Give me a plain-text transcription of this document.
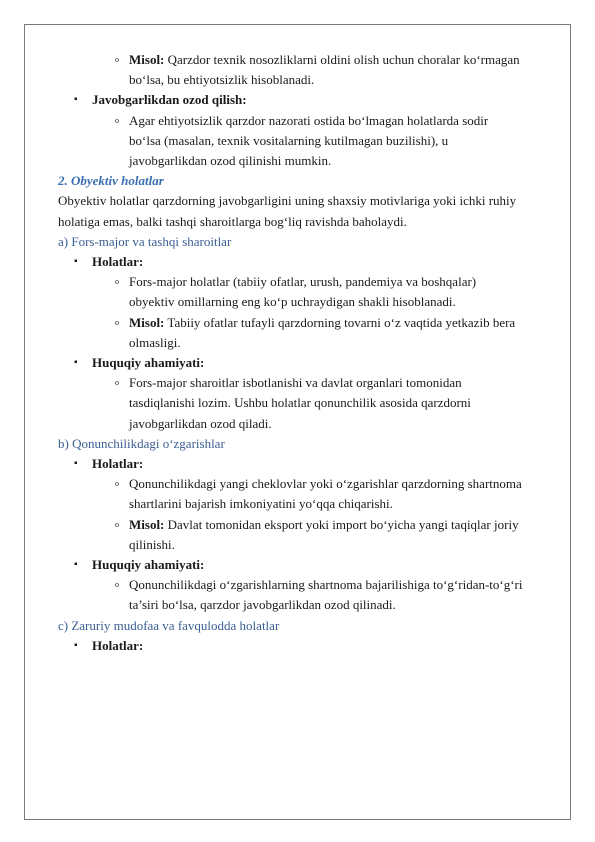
o Misol: Qarzdor texnik nosozliklarni oldini olish uchun choralar ko‘rmagan
bo‘lsa, bu ehtiyotsizlik hisoblanadi.
▪ Javobgarlikdan ozod qilish:
o Agar ehtiyotsizlik qarzdor nazorati ostida bo‘lmagan holatlarda sodir
bo‘lsa (masalan, texnik vositalarning kutilmagan buzilishi), u
javobgarlikdan ozod qilinishi mumkin.
2. Obyektiv holatlar
Obyektiv holatlar qarzdorning javobgarligini uning shaxsiy motivlariga yoki ichki ruhiy
holatiga emas, balki tashqi sharoitlarga bog‘liq ravishda baholaydi.
a) Fors-major va tashqi sharoitlar
▪ Holatlar:
o Fors-major holatlar (tabiiy ofatlar, urush, pandemiya va boshqalar)
obyektiv omillarning eng ko‘p uchraydigan shakli hisoblanadi.
o Misol: Tabiiy ofatlar tufayli qarzdorning tovarni o‘z vaqtida yetkazib bera
olmasligi.
▪ Huquqiy ahamiyati:
o Fors-major sharoitlar isbotlanishi va davlat organlari tomonidan
tasdiqlanishi lozim. Ushbu holatlar qonunchilik asosida qarzdorni
javobgarlikdan ozod qiladi.
b) Qonunchilikdagi o‘zgarishlar
▪ Holatlar:
o Qonunchilikdagi yangi cheklovlar yoki o‘zgarishlar qarzdorning shartnoma
shartlarini bajarish imkoniyatini yo‘qqa chiqarishi.
o Misol: Davlat tomonidan eksport yoki import bo‘yicha yangi taqiqlar joriy
qilinishi.
▪ Huquqiy ahamiyati:
o Qonunchilikdagi o‘zgarishlarning shartnoma bajarilishiga to‘g‘ridan-to‘g‘ri
ta’siri bo‘lsa, qarzdor javobgarlikdan ozod qilinadi.
c) Zaruriy mudofaa va favqulodda holatlar
▪ Holatlar:
